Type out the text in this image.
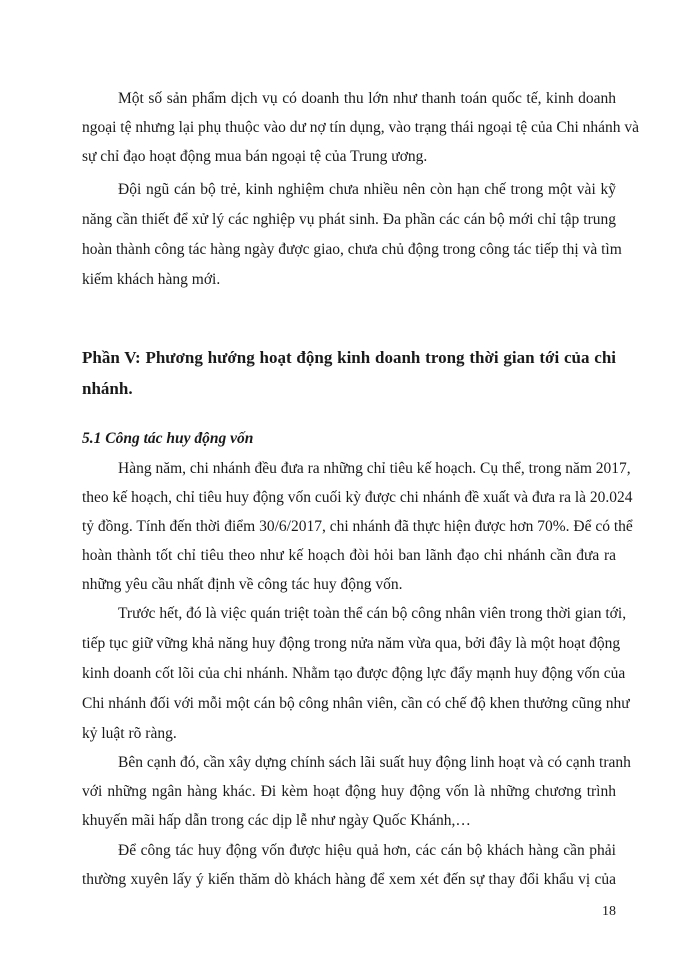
Một số sản phẩm dịch vụ có doanh thu lớn như thanh toán quốc tế, kinh doanh
ngoại tệ nhưng lại phụ thuộc vào dư nợ tín dụng, vào trạng thái ngoại tệ của Chi nhánh và
sự chỉ đạo hoạt động mua bán ngoại tệ của Trung ương.
Đội ngũ cán bộ trẻ, kinh nghiệm chưa nhiều nên còn hạn chế trong một vài kỹ
năng cần thiết để xử lý các nghiệp vụ phát sinh. Đa phần các cán bộ mới chỉ tập trung
hoàn thành công tác hàng ngày được giao, chưa chủ động trong công tác tiếp thị và tìm
kiếm khách hàng mới.
Phần V: Phương hướng hoạt động kinh doanh trong thời gian tới của chi
nhánh.
5.1 Công tác huy động vốn
Hàng năm, chi nhánh đều đưa ra những chỉ tiêu kế hoạch. Cụ thể, trong năm 2017,
theo kế hoạch, chỉ tiêu huy động vốn cuối kỳ được chi nhánh đề xuất và đưa ra là 20.024
tỷ đồng. Tính đến thời điểm 30/6/2017, chi nhánh đã thực hiện được hơn 70%. Để có thể
hoàn thành tốt chỉ tiêu theo như kế hoạch đòi hỏi ban lãnh đạo chi nhánh cần đưa ra
những yêu cầu nhất định về công tác huy động vốn.
Trước hết, đó là việc quán triệt toàn thể cán bộ công nhân viên trong thời gian tới,
tiếp tục giữ vững khả năng huy động trong nửa năm vừa qua, bởi đây là một hoạt động
kinh doanh cốt lõi của chi nhánh. Nhằm tạo được động lực đẩy mạnh huy động vốn của
Chi nhánh đối với mỗi một cán bộ công nhân viên, cần có chế độ khen thưởng cũng như
kỷ luật rõ ràng.
Bên cạnh đó, cần xây dựng chính sách lãi suất huy động linh hoạt và có cạnh tranh
với những ngân hàng khác. Đi kèm hoạt động huy động vốn là những chương trình
khuyến mãi hấp dẫn trong các dịp lễ như ngày Quốc Khánh,…
Để công tác huy động vốn được hiệu quả hơn, các cán bộ khách hàng cần phải
thường xuyên lấy ý kiến thăm dò khách hàng để xem xét đến sự thay đổi khẩu vị của
18
